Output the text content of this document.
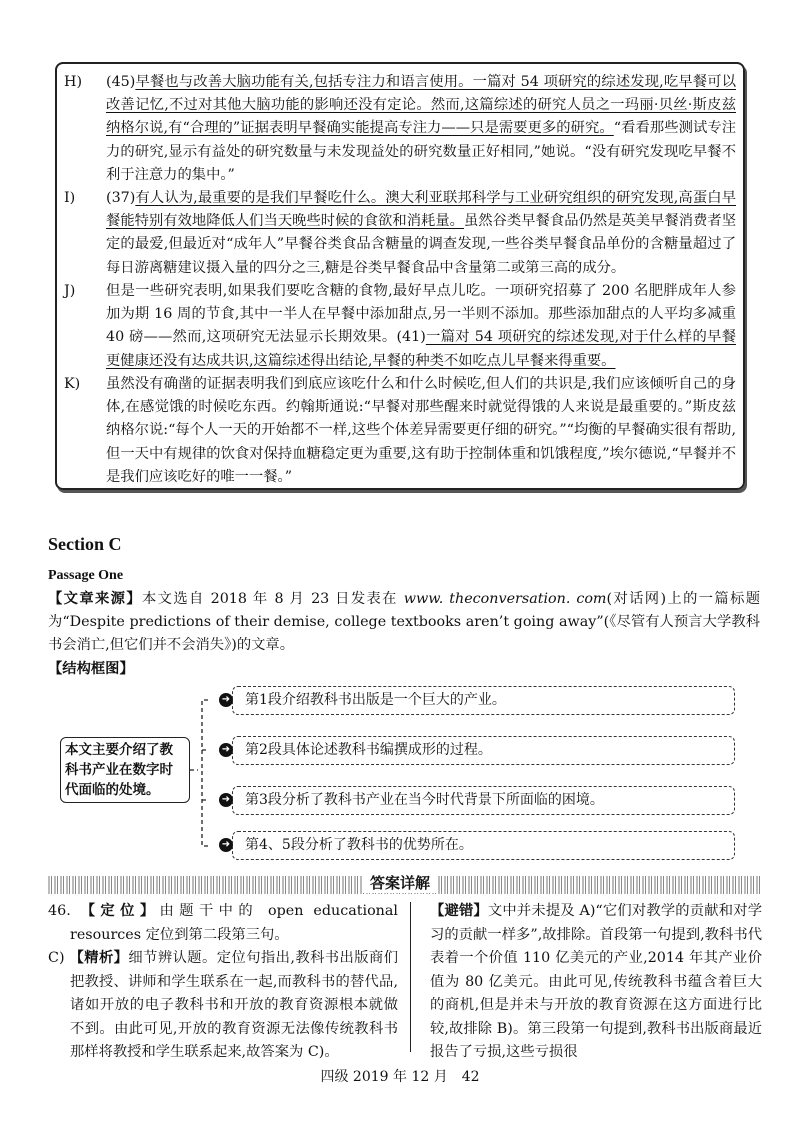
H) (45)早餐也与改善大脑功能有关,包括专注力和语言使用。一篇对 54 项研究的综述发现,吃早餐可以改善记忆,不过对其他大脑功能的影响还没有定论。然而,这篇综述的研究人员之一玛丽·贝丝·斯皮兹纳格尔说,有“合理的”证据表明早餐确实能提高专注力——只是需要更多的研究。“看看那些测试专注力的研究,显示有益处的研究数量与未发现益处的研究数量正好相同,”她说。“没有研究发现吃早餐不利于注意力的集中。”
I) (37)有人认为,最重要的是我们早餐吃什么。澳大利亚联邦科学与工业研究组织的研究发现,高蛋白早餐能特别有效地降低人们当天晚些时候的食欲和消耗量。虽然谷类早餐食品仍然是英美早餐消费者坚定的最爱,但最近对“成年人”早餐谷类食品含糖量的调查发现,一些谷类早餐食品单份的含糖量超过了每日游离糖建议摄入量的四分之三,糖是谷类早餐食品中含量第二或第三高的成分。
J) 但是一些研究表明,如果我们要吃含糖的食物,最好早点儿吃。一项研究招募了 200 名肥胖成年人参加为期 16 周的节食,其中一半人在早餐中添加甜点,另一半则不添加。那些添加甜点的人平均多减重 40 磅——然而,这项研究无法显示长期效果。(41)一篇对 54 项研究的综述发现,对于什么样的早餐更健康还没有达成共识,这篇综述得出结论,早餐的种类不如吃点儿早餐来得重要。
K) 虽然没有确凿的证据表明我们到底应该吃什么和什么时候吃,但人们的共识是,我们应该倾听自己的身体,在感觉饿的时候吃东西。约翰斯通说:“早餐对那些醒来时就觉得饿的人来说是最重要的。”斯皮兹纳格尔说:“每个人一天的开始都不一样,这些个体差异需要更仔细的研究。”“均衡的早餐确实很有帮助,但一天中有规律的饮食对保持血糖稳定更为重要,这有助于控制体重和饥饿程度,”埃尔德说,“早餐并不是我们应该吃好的唯一一餐。”
Section C
Passage One
【文章来源】本文选自 2018 年 8 月 23 日发表在 www. theconversation. com(对话网)上的一篇标题为“Despite predictions of their demise, college textbooks aren’t going away”(《尽管有人预言大学教科书会消亡,但它们并不会消失》)的文章。
【结构框图】
本文主要介绍了教科书产业在数字时代面临的处境。
➜	第1段介绍教科书出版是一个巨大的产业。
➜	第2段具体论述教科书编撰成形的过程。
➜	第3段分析了教科书产业在当今时代背景下所面临的困境。
➜	第4、5段分析了教科书的优势所在。
答案详解
46. 【定位】由题干中的 open educational resources 定位到第二段第三句。
C) 【精析】细节辨认题。定位句指出,教科书出版商们把教授、讲师和学生联系在一起,而教科书的替代品,诸如开放的电子教科书和开放的教育资源根本就做不到。由此可见,开放的教育资源无法像传统教科书那样将教授和学生联系起来,故答案为 C)。
【避错】文中并未提及 A)“它们对教学的贡献和对学习的贡献一样多”,故排除。首段第一句提到,教科书代表着一个价值 110 亿美元的产业,2014 年其产业价值为 80 亿美元。由此可见,传统教科书蕴含着巨大的商机,但是并未与开放的教育资源在这方面进行比较,故排除 B)。第三段第一句提到,教科书出版商最近报告了亏损,这些亏损很
四级 2019 年 12 月　42
